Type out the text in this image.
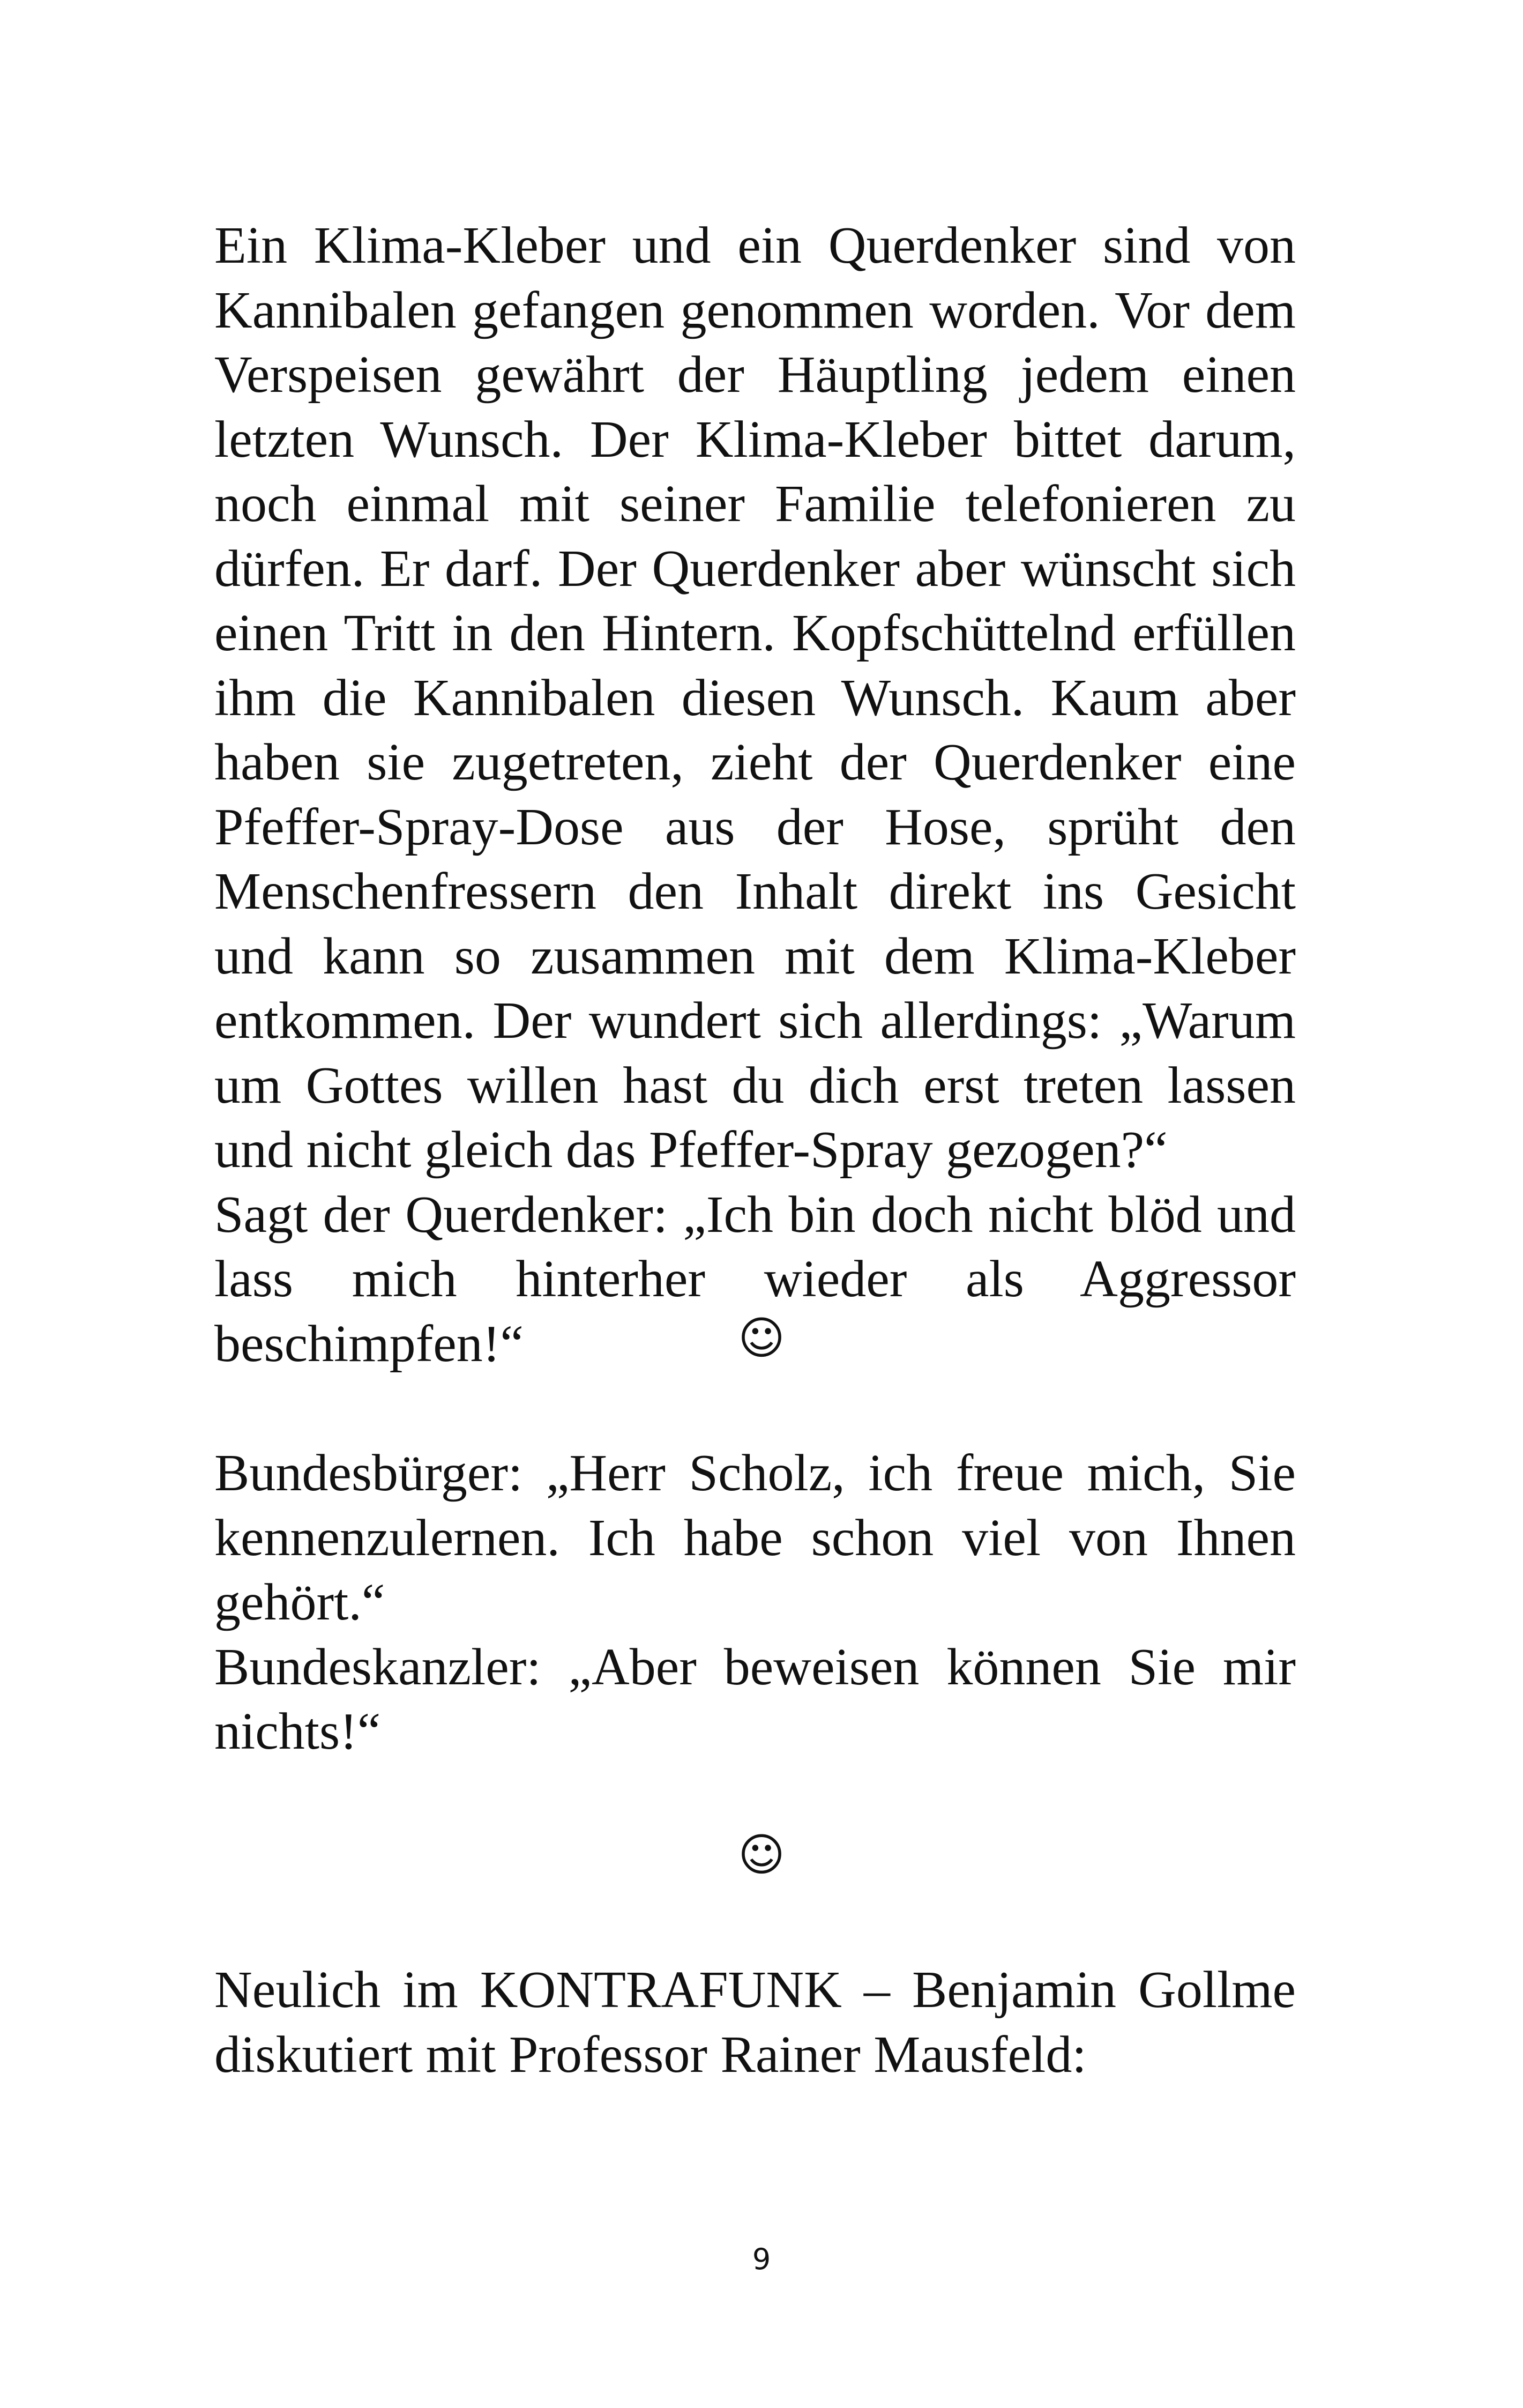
Ein Klima-Kleber und ein Querdenker sind von Kannibalen gefangen genommen worden. Vor dem Verspeisen gewährt der Häuptling jedem einen letzten Wunsch. Der Klima-Kleber bittet darum, noch einmal mit seiner Familie telefonieren zu dürfen. Er darf. Der Querdenker aber wünscht sich einen Tritt in den Hintern. Kopfschüttelnd erfüllen ihm die Kannibalen diesen Wunsch. Kaum aber haben sie zugetreten, zieht der Querdenker eine Pfeffer-Spray-Dose aus der Hose, sprüht den Menschenfressern den Inhalt direkt ins Gesicht und kann so zusammen mit dem Klima-Kleber entkommen. Der wundert sich allerdings: „Warum um Gottes willen hast du dich erst treten lassen und nicht gleich das Pfeffer-Spray gezogen?“

Sagt der Querdenker: „Ich bin doch nicht blöd und lass mich hinterher wieder als Aggressor beschimpfen!“	☺

Bundesbürger: „Herr Scholz, ich freue mich, Sie kennenzulernen. Ich habe schon viel von Ihnen gehört.“

Bundeskanzler: „Aber beweisen können Sie mir nichts!“

☺

Neulich im KONTRAFUNK – Benjamin Gollme diskutiert mit Professor Rainer Mausfeld:

9
